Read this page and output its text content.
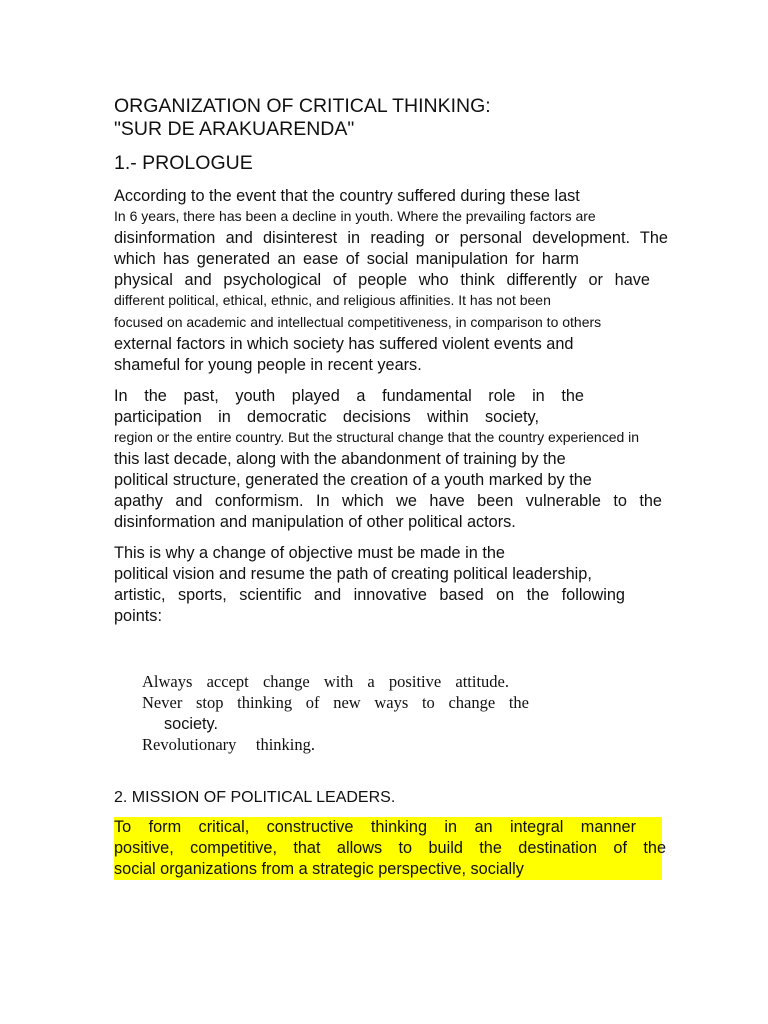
ORGANIZATION OF CRITICAL THINKING:
"SUR DE ARAKUARENDA"
1.- PROLOGUE
According to the event that the country suffered during these last
In 6 years, there has been a decline in youth. Where the prevailing factors are
disinformation and disinterest in reading or personal development. The
which has generated an ease of social manipulation for harm
physical and psychological of people who think differently or have
different political, ethical, ethnic, and religious affinities. It has not been
focused on academic and intellectual competitiveness, in comparison to others
external factors in which society has suffered violent events and
shameful for young people in recent years.
In the past, youth played a fundamental role in the
participation in democratic decisions within society,
region or the entire country. But the structural change that the country experienced in
this last decade, along with the abandonment of training by the
political structure, generated the creation of a youth marked by the
apathy and conformism. In which we have been vulnerable to the
disinformation and manipulation of other political actors.
This is why a change of objective must be made in the
political vision and resume the path of creating political leadership,
artistic, sports, scientific and innovative based on the following
points:
Always accept change with a positive attitude.
Never stop thinking of new ways to change the
society.
Revolutionary thinking.
2. MISSION OF POLITICAL LEADERS.
To form critical, constructive thinking in an integral manner
positive, competitive, that allows to build the destination of the
social organizations from a strategic perspective, socially
